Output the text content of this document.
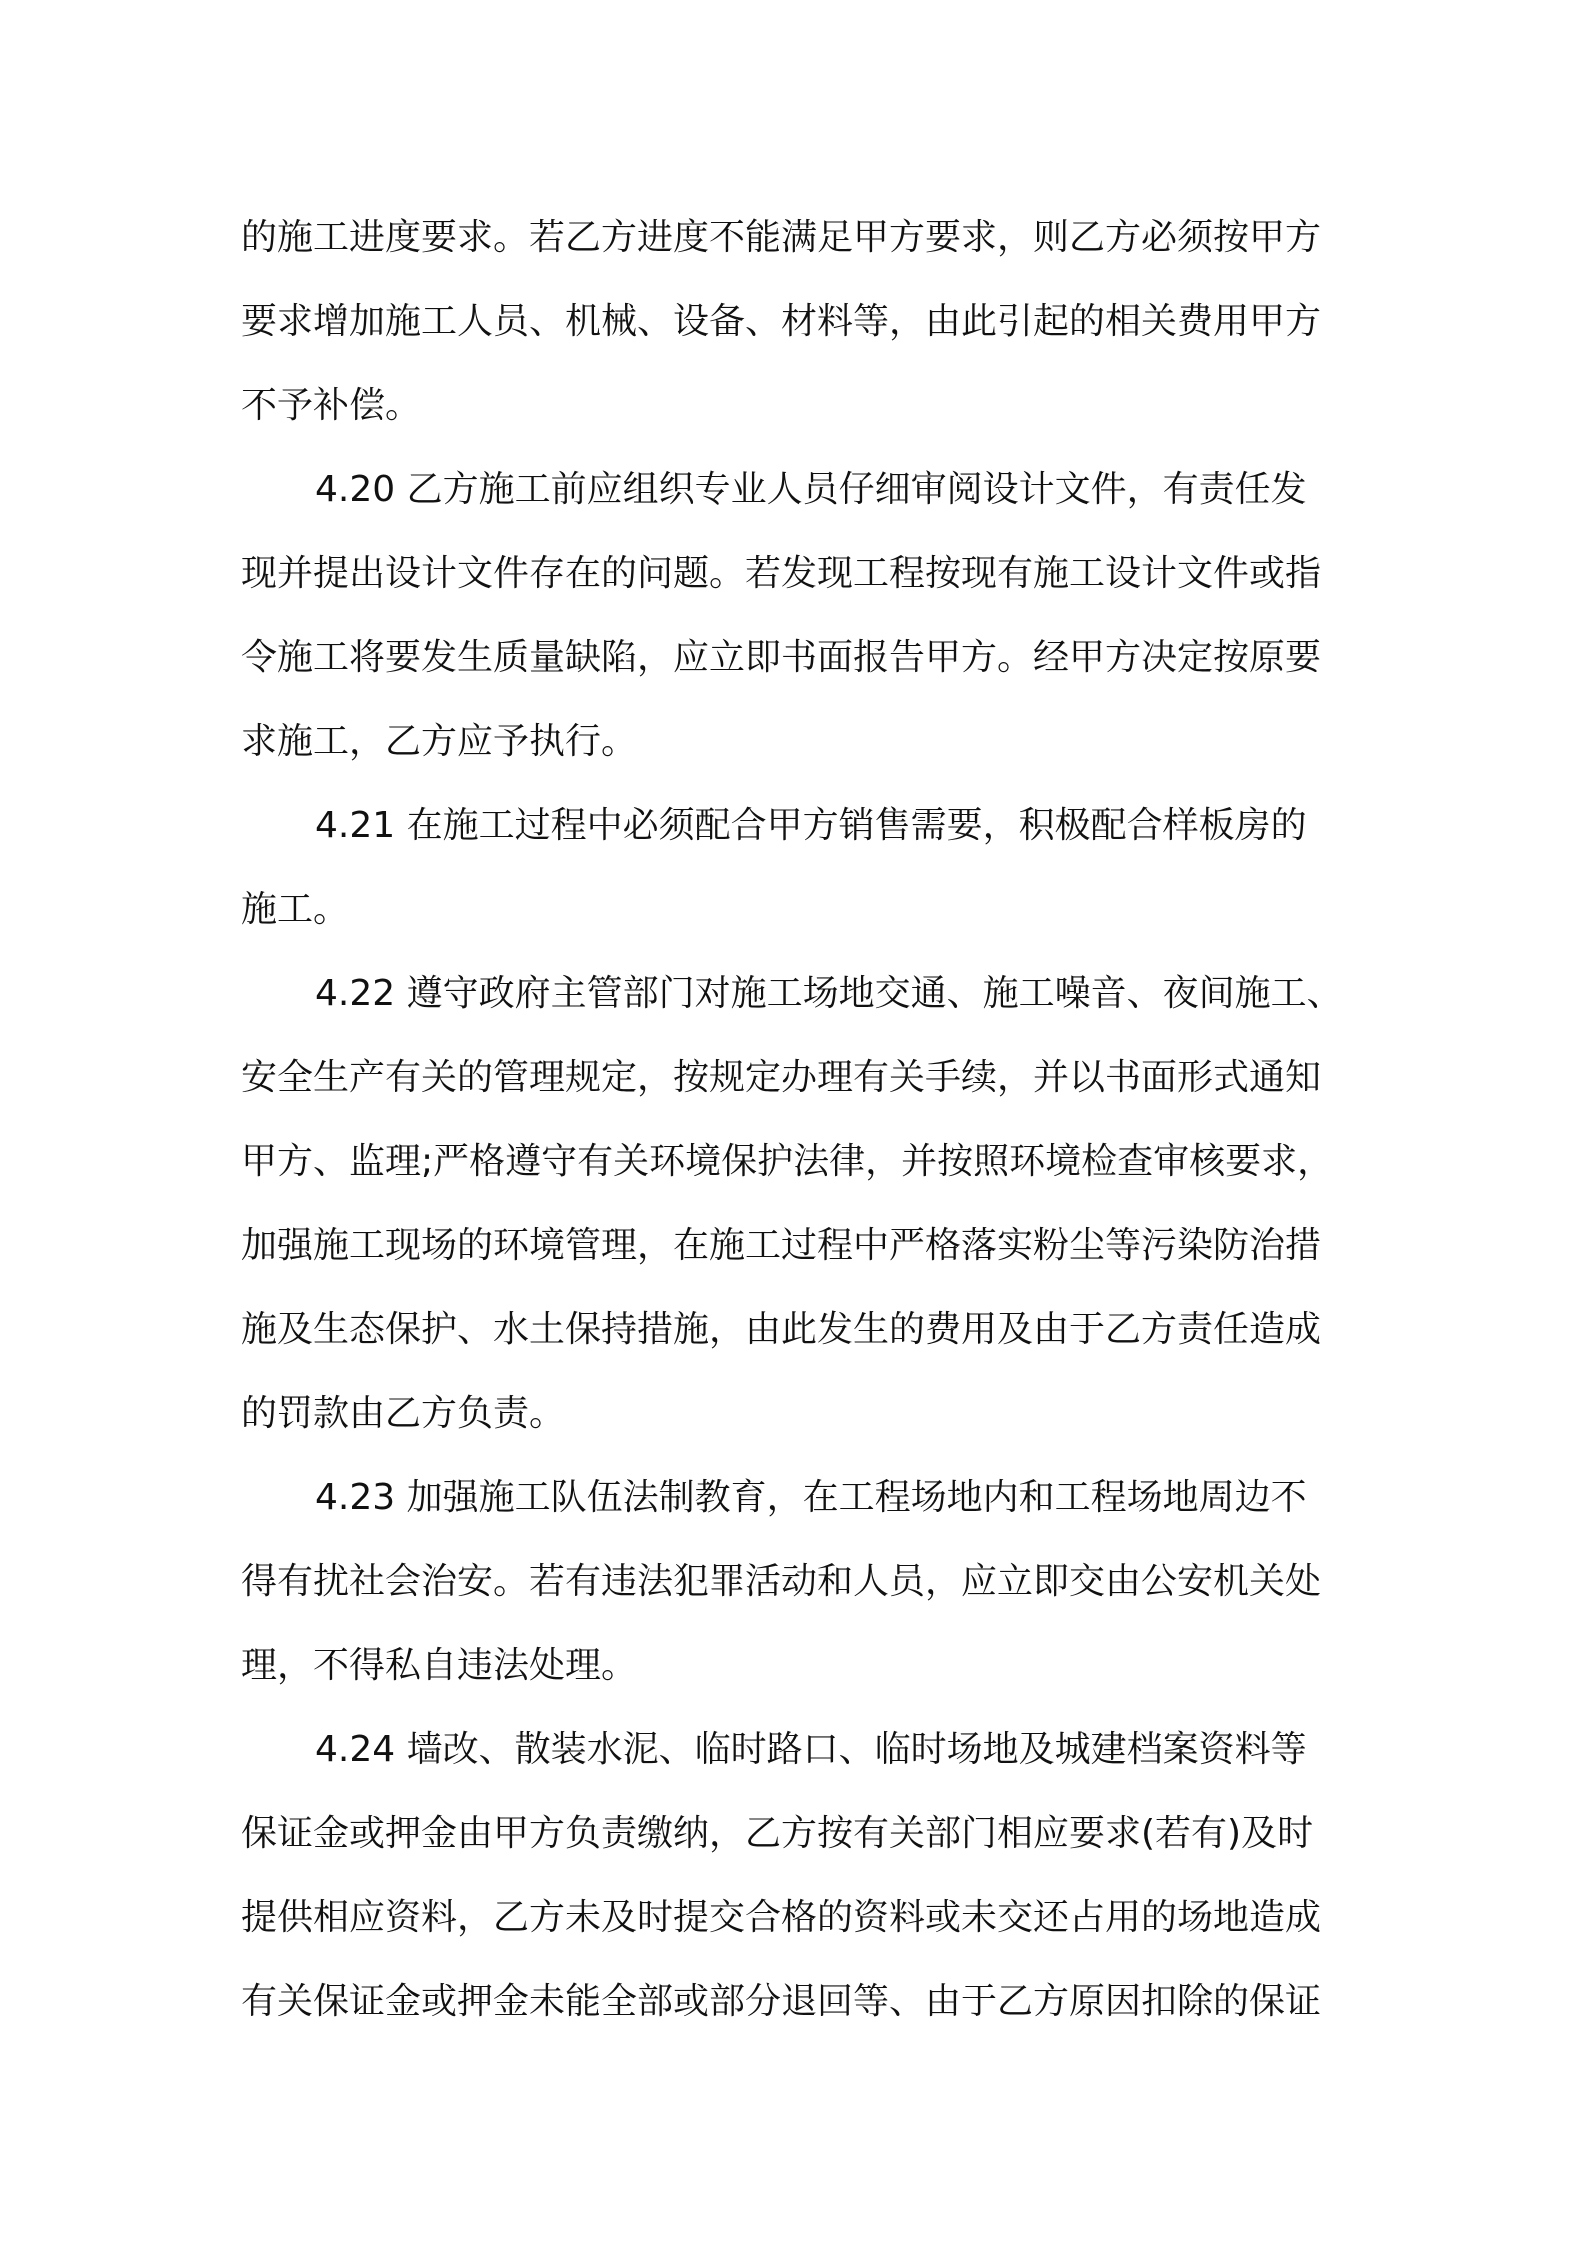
的施工进度要求。若乙方进度不能满足甲方要求，则乙方必须按甲方
要求增加施工人员、机械、设备、材料等，由此引起的相关费用甲方
不予补偿。
4.20 乙方施工前应组织专业人员仔细审阅设计文件，有责任发
现并提出设计文件存在的问题。若发现工程按现有施工设计文件或指
令施工将要发生质量缺陷，应立即书面报告甲方。经甲方决定按原要
求施工，乙方应予执行。
4.21 在施工过程中必须配合甲方销售需要，积极配合样板房的
施工。
4.22 遵守政府主管部门对施工场地交通、施工噪音、夜间施工、
安全生产有关的管理规定，按规定办理有关手续，并以书面形式通知
甲方、监理;严格遵守有关环境保护法律，并按照环境检查审核要求，
加强施工现场的环境管理，在施工过程中严格落实粉尘等污染防治措
施及生态保护、水土保持措施，由此发生的费用及由于乙方责任造成
的罚款由乙方负责。
4.23 加强施工队伍法制教育，在工程场地内和工程场地周边不
得有扰社会治安。若有违法犯罪活动和人员，应立即交由公安机关处
理，不得私自违法处理。
4.24 墙改、散装水泥、临时路口、临时场地及城建档案资料等
保证金或押金由甲方负责缴纳，乙方按有关部门相应要求(若有)及时
提供相应资料，乙方未及时提交合格的资料或未交还占用的场地造成
有关保证金或押金未能全部或部分退回等、由于乙方原因扣除的保证
